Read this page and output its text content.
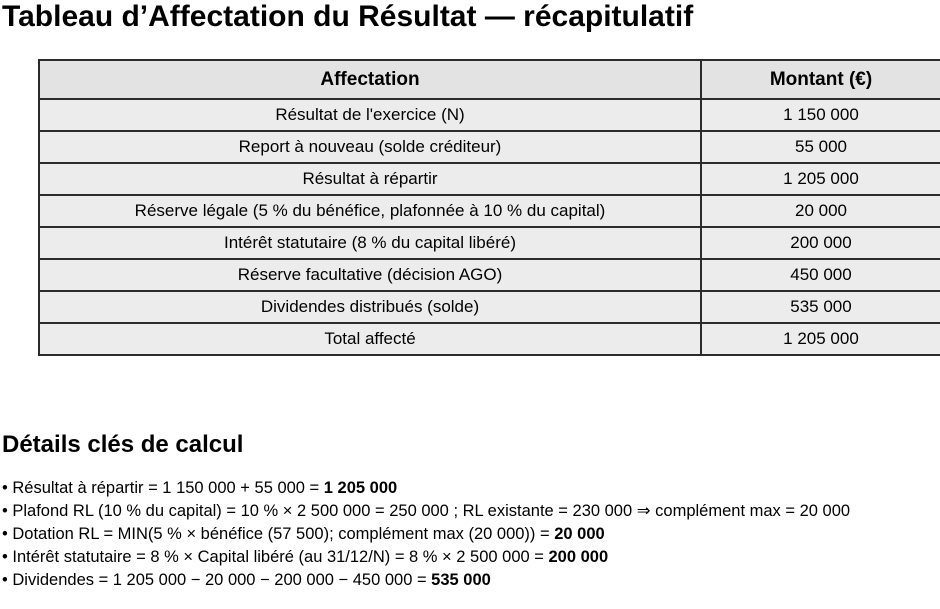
Tableau d’Affectation du Résultat — récapitulatif
Affectation	Montant (€)
Résultat de l'exercice (N)	1 150 000
Report à nouveau (solde créditeur)	55 000
Résultat à répartir	1 205 000
Réserve légale (5 % du bénéfice, plafonnée à 10 % du capital)	20 000
Intérêt statutaire (8 % du capital libéré)	200 000
Réserve facultative (décision AGO)	450 000
Dividendes distribués (solde)	535 000
Total affecté	1 205 000
Détails clés de calcul
• Résultat à répartir = 1 150 000 + 55 000 = 1 205 000
• Plafond RL (10 % du capital) = 10 % × 2 500 000 = 250 000 ; RL existante = 230 000 ⇒ complément max = 20 000
• Dotation RL = MIN(5 % × bénéfice (57 500); complément max (20 000)) = 20 000
• Intérêt statutaire = 8 % × Capital libéré (au 31/12/N) = 8 % × 2 500 000 = 200 000
• Dividendes = 1 205 000 − 20 000 − 200 000 − 450 000 = 535 000
